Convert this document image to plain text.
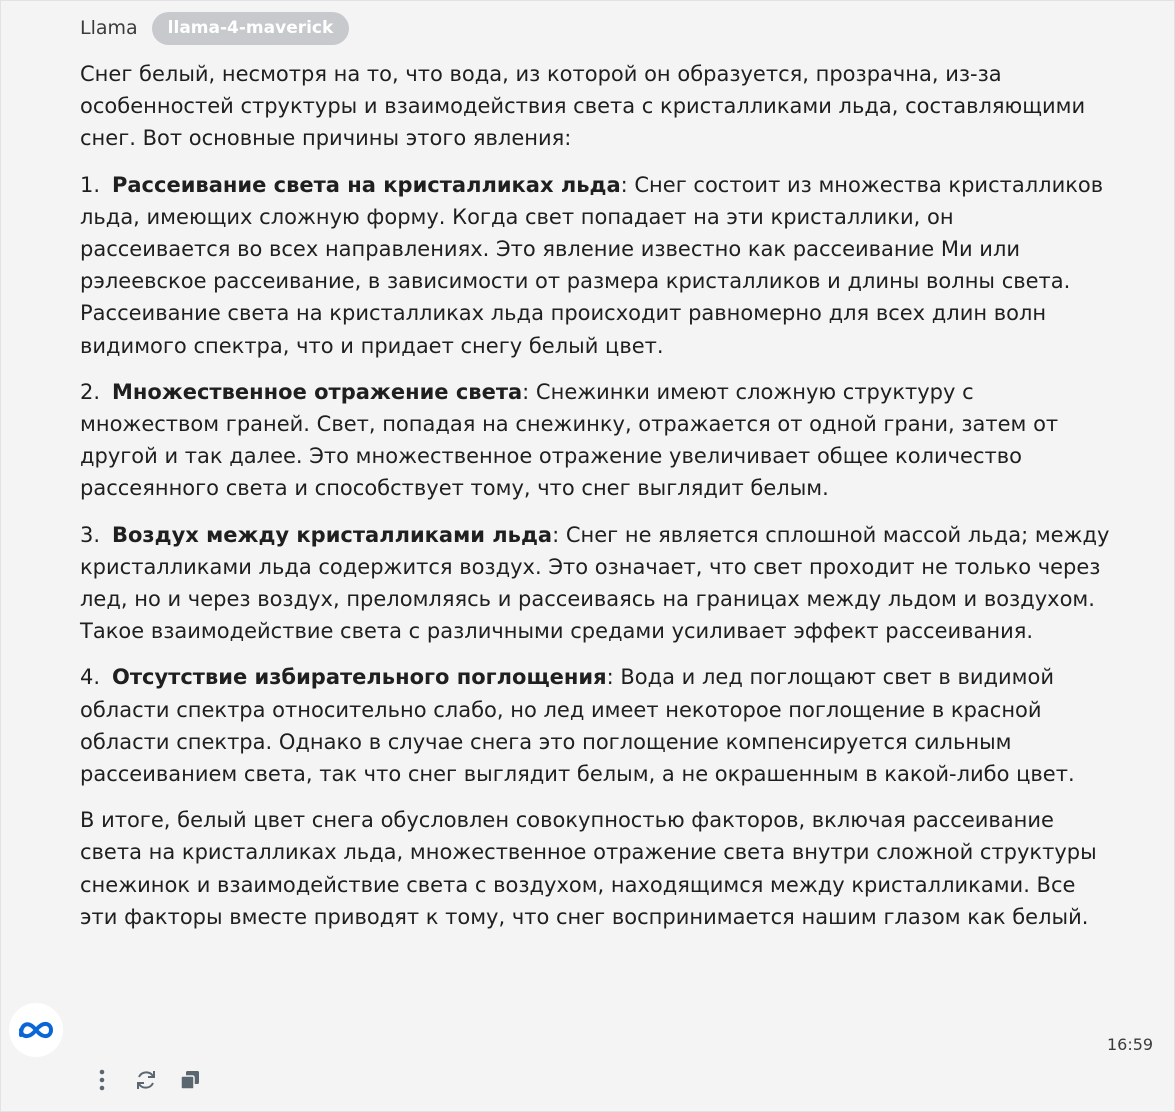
Llama	llama-4-maverick

Снег белый, несмотря на то, что вода, из которой он образуется, прозрачна, из-за особенностей структуры и взаимодействия света с кристалликами льда, составляющими снег. Вот основные причины этого явления:

1. Рассеивание света на кристалликах льда: Снег состоит из множества кристалликов льда, имеющих сложную форму. Когда свет попадает на эти кристаллики, он рассеивается во всех направлениях. Это явление известно как рассеивание Ми или рэлеевское рассеивание, в зависимости от размера кристалликов и длины волны света. Рассеивание света на кристалликах льда происходит равномерно для всех длин волн видимого спектра, что и придает снегу белый цвет.
2. Множественное отражение света: Снежинки имеют сложную структуру с множеством граней. Свет, попадая на снежинку, отражается от одной грани, затем от другой и так далее. Это множественное отражение увеличивает общее количество рассеянного света и способствует тому, что снег выглядит белым.
3. Воздух между кристалликами льда: Снег не является сплошной массой льда; между кристалликами льда содержится воздух. Это означает, что свет проходит не только через лед, но и через воздух, преломляясь и рассеиваясь на границах между льдом и воздухом. Такое взаимодействие света с различными средами усиливает эффект рассеивания.
4. Отсутствие избирательного поглощения: Вода и лед поглощают свет в видимой области спектра относительно слабо, но лед имеет некоторое поглощение в красной области спектра. Однако в случае снега это поглощение компенсируется сильным рассеиванием света, так что снег выглядит белым, а не окрашенным в какой-либо цвет.

В итоге, белый цвет снега обусловлен совокупностью факторов, включая рассеивание света на кристалликах льда, множественное отражение света внутри сложной структуры снежинок и взаимодействие света с воздухом, находящимся между кристалликами. Все эти факторы вместе приводят к тому, что снег воспринимается нашим глазом как белый.

16:59
